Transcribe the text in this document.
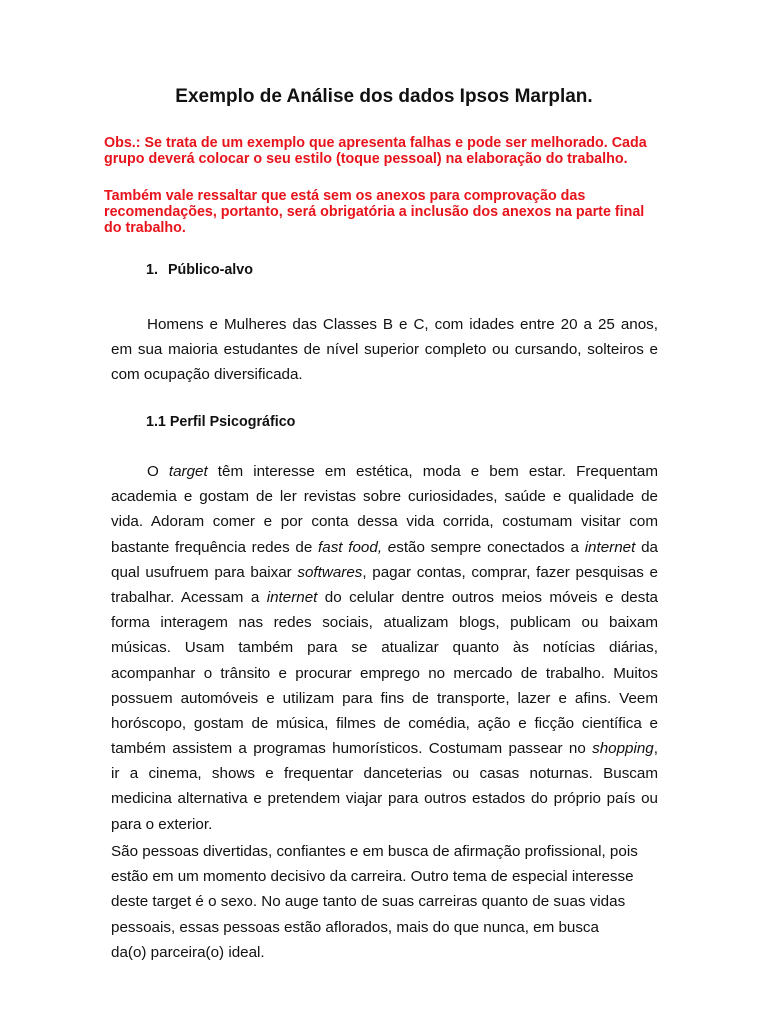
Exemplo de Análise dos dados Ipsos Marplan.
Obs.: Se trata de um exemplo que apresenta falhas e pode ser melhorado. Cada grupo deverá colocar o seu estilo (toque pessoal) na elaboração do trabalho.
Também vale ressaltar que está sem os anexos para comprovação das recomendações, portanto, será obrigatória a inclusão dos anexos na parte final do trabalho.
1. Público-alvo
Homens e Mulheres das Classes B e C, com idades entre 20 a 25 anos,
em sua maioria estudantes de nível superior completo ou cursando, solteiros e
com ocupação diversificada.
1.1 Perfil Psicográfico
O target têm interesse em estética, moda e bem estar. Frequentam
academia e gostam de ler revistas sobre curiosidades, saúde e qualidade de
vida. Adoram comer e por conta dessa vida corrida, costumam visitar com
bastante frequência redes de fast food, estão sempre conectados a internet da
qual usufruem para baixar softwares, pagar contas, comprar, fazer pesquisas e
trabalhar. Acessam a internet do celular dentre outros meios móveis e desta
forma interagem nas redes sociais, atualizam blogs, publicam ou baixam
músicas. Usam também para se atualizar quanto às notícias diárias,
acompanhar o trânsito e procurar emprego no mercado de trabalho. Muitos
possuem automóveis e utilizam para fins de transporte, lazer e afins. Veem
horóscopo, gostam de música, filmes de comédia, ação e ficção científica e
também assistem a programas humorísticos. Costumam passear no shopping,
ir a cinema, shows e frequentar danceterias ou casas noturnas. Buscam
medicina alternativa e pretendem viajar para outros estados do próprio país ou
para o exterior.
São pessoas divertidas, confiantes e em busca de afirmação profissional, pois
estão em um momento decisivo da carreira. Outro tema de especial interesse
deste target é o sexo. No auge tanto de suas carreiras quanto de suas vidas
pessoais, essas pessoas estão aflorados, mais do que nunca, em busca
da(o) parceira(o) ideal.
